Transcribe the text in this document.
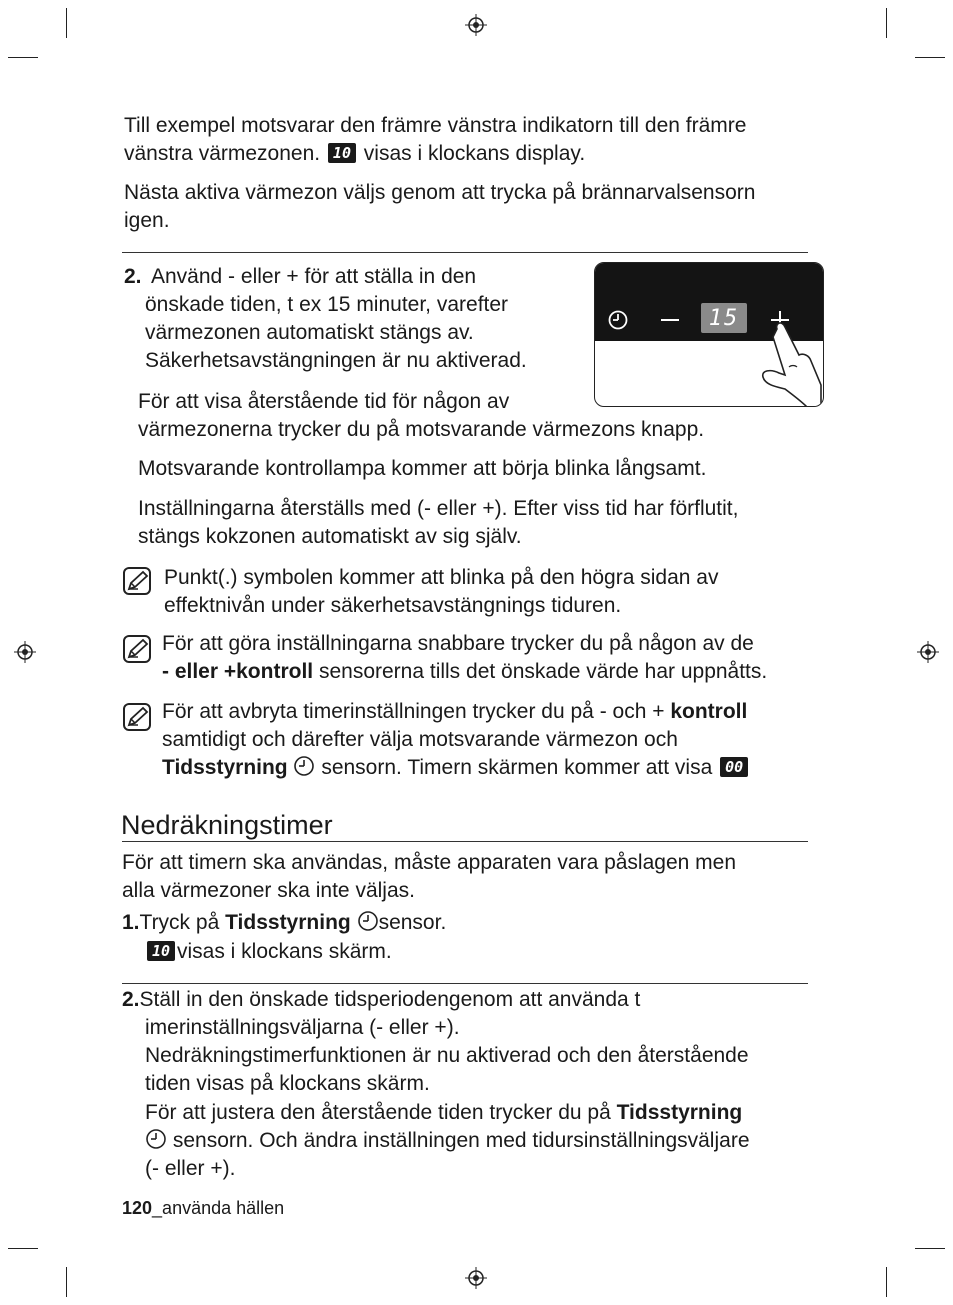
Till exempel motsvarar den främre vänstra indikatorn till den främre
vänstra värmezonen. 10 visas i klockans display.
Nästa aktiva värmezon väljs genom att trycka på brännarvalsensorn
igen.
2. Använd - eller + för att ställa in den
önskade tiden, t ex 15 minuter, varefter
värmezonen automatiskt stängs av.
Säkerhetsavstängningen är nu aktiverad.
15
För att visa återstående tid för någon av
värmezonerna trycker du på motsvarande värmezons knapp.
Motsvarande kontrollampa kommer att börja blinka långsamt.
Inställningarna återställs med (- eller +). Efter viss tid har förflutit,
stängs kokzonen automatiskt av sig själv.
Punkt(.) symbolen kommer att blinka på den högra sidan av
effektnivån under säkerhetsavstängnings tiduren.
För att göra inställningarna snabbare trycker du på någon av de
- eller +kontroll sensorerna tills det önskade värde har uppnåtts.
För att avbryta timerinställningen trycker du på - och + kontroll
samtidigt och därefter välja motsvarande värmezon och
Tidsstyrning sensorn. Timern skärmen kommer att visa 00
Nedräkningstimer
För att timern ska användas, måste apparaten vara påslagen men
alla värmezoner ska inte väljas.
1.Tryck på Tidsstyrning sensor.
10 visas i klockans skärm.
2.Ställ in den önskade tidsperiodengenom att använda t
imerinställningsväljarna (- eller +).
Nedräkningstimerfunktionen är nu aktiverad och den återstående
tiden visas på klockans skärm.
För att justera den återstående tiden trycker du på Tidsstyrning
sensorn. Och ändra inställningen med tidursinställningsväljare
(- eller +).
120_använda hällen
